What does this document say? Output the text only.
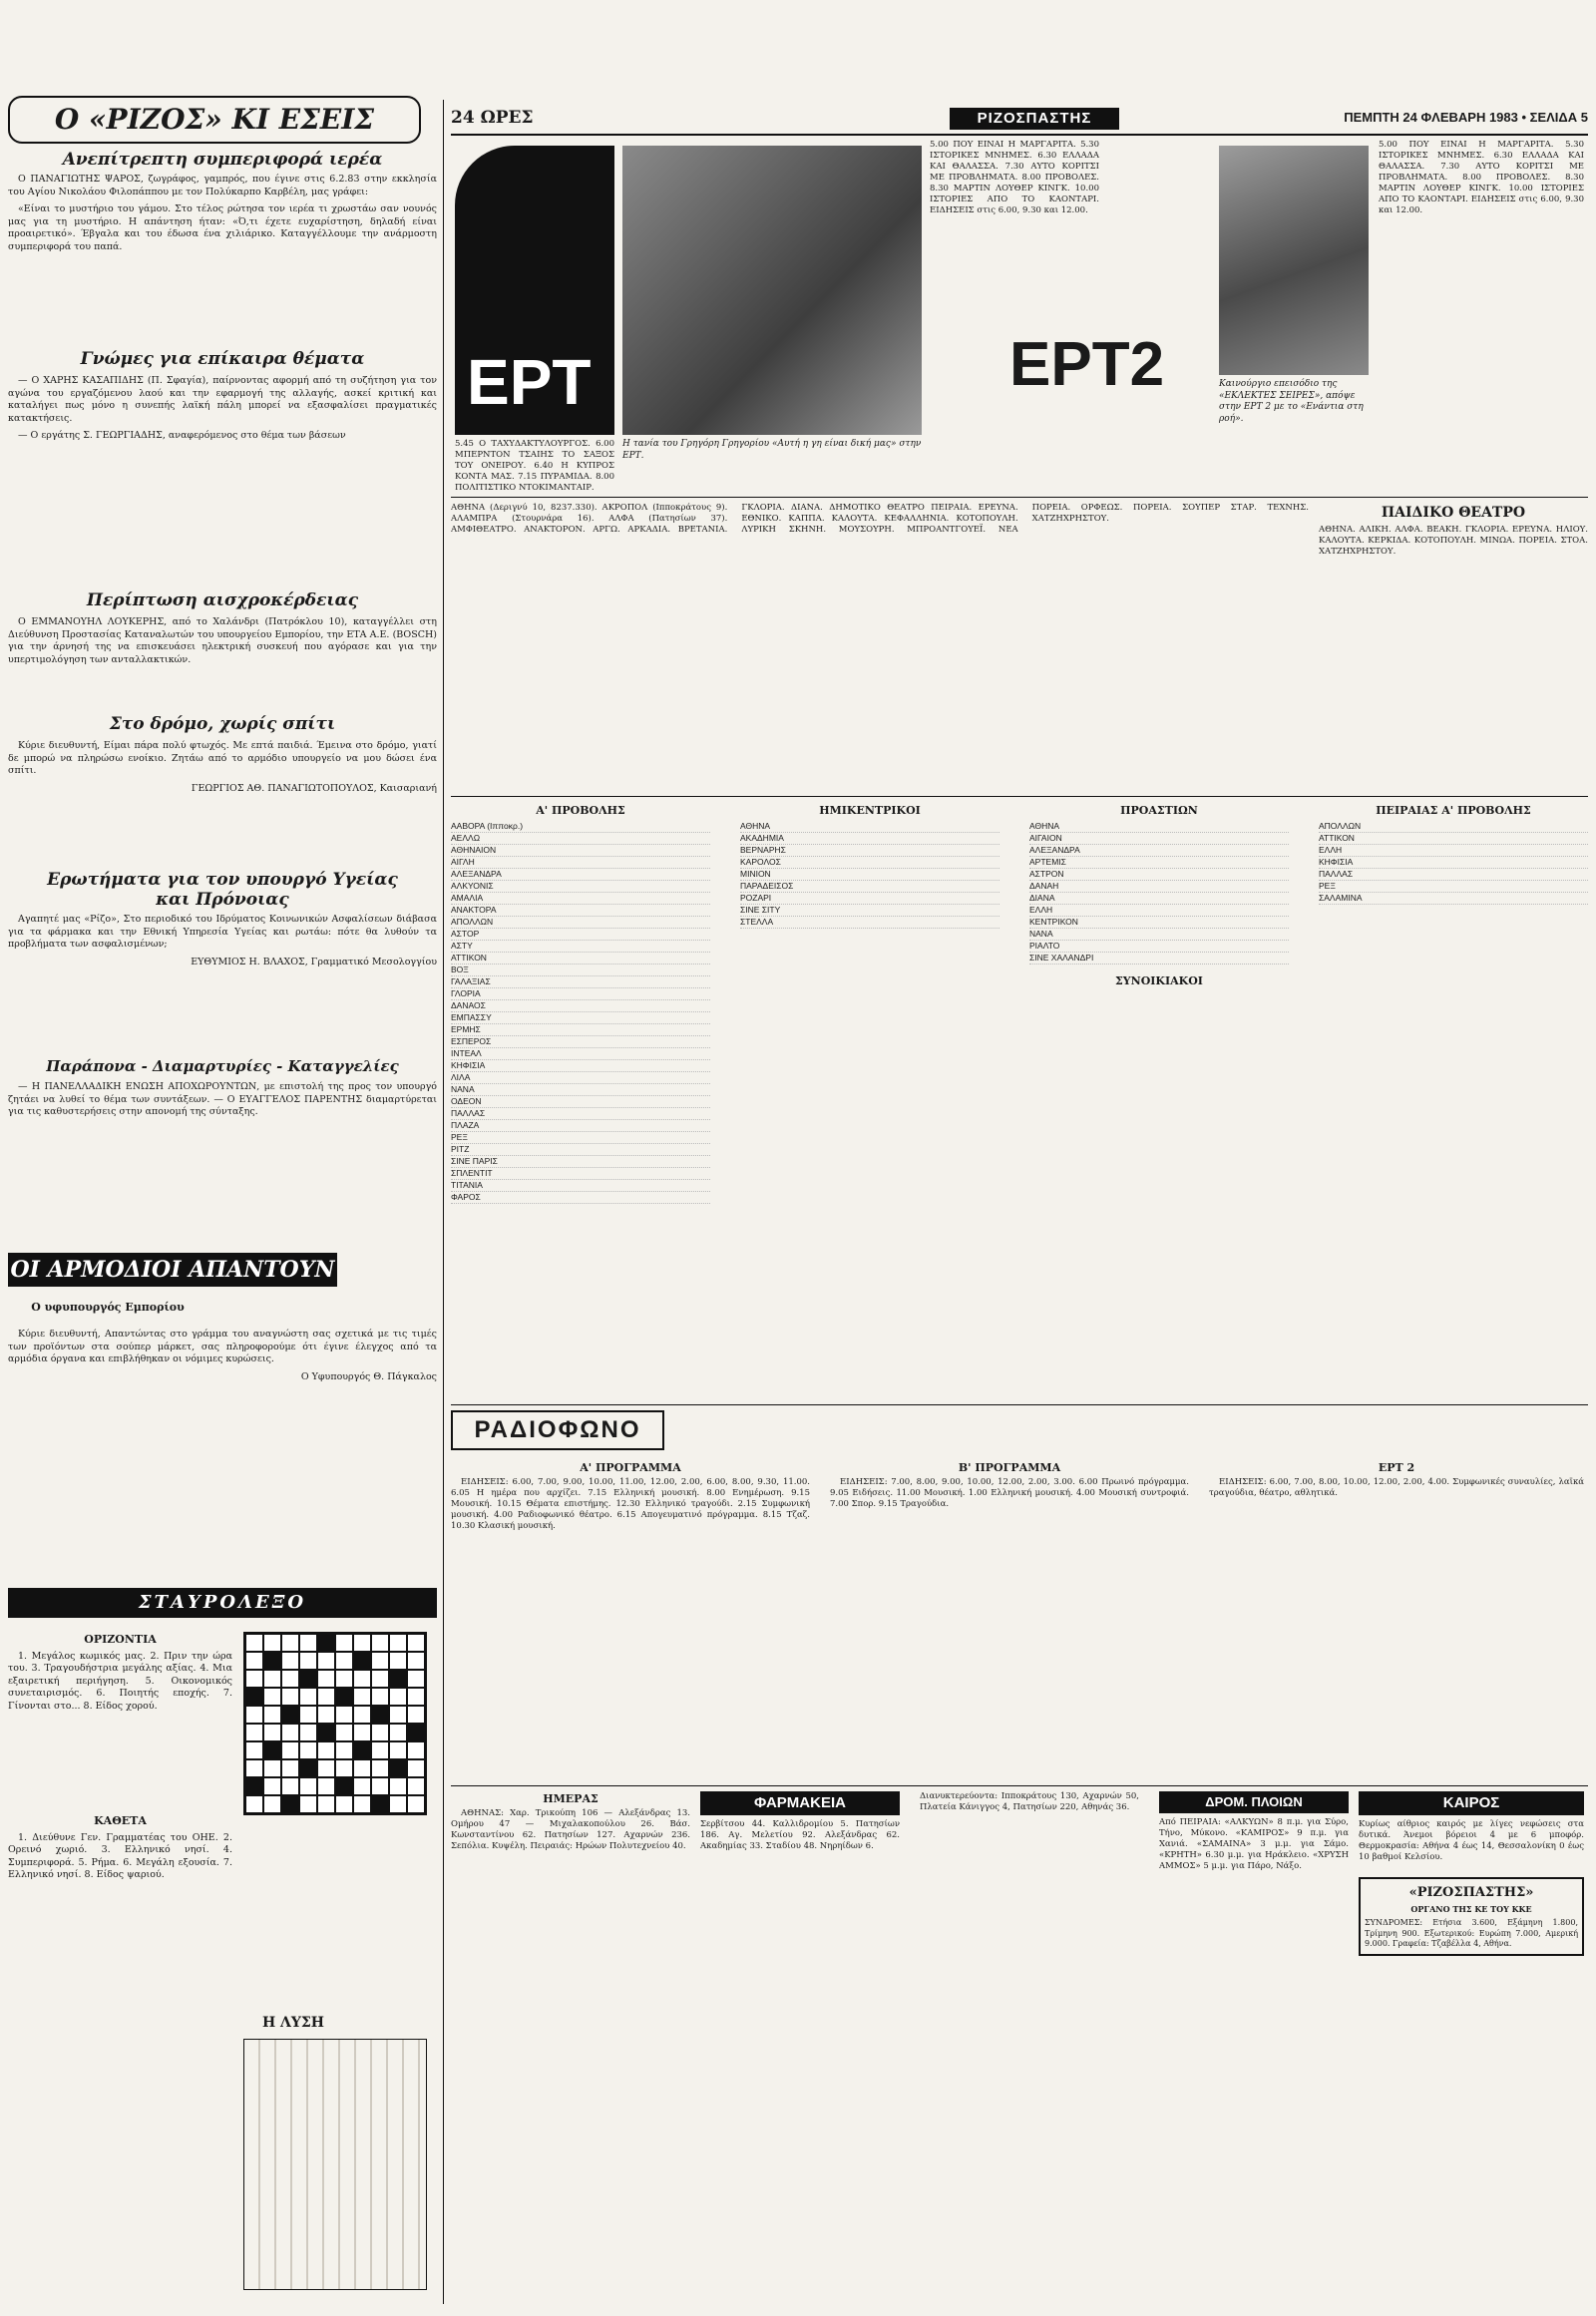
Ο «ΡΙΖΟΣ» ΚΙ ΕΣΕΙΣ
Ανεπίτρεπτη συμπεριφορά ιερέα

Ο ΠΑΝΑΓΙΩΤΗΣ ΨΑΡΟΣ, ζωγράφος, γαμπρός, που έγινε στις 6.2.83 στην εκκλησία του Αγίου Νικολάου Φιλοπάππου με τον Πολύκαρπο Καρβέλη, μας γράφει:

«Είναι το μυστήριο του γάμου. Στο τέλος ρώτησα τον ιερέα τι χρωστάω σαν νουνός μας για τη μυστήριο. Η απάντηση ήταν: «Ό,τι έχετε ευχαρίστηση, δηλαδή είναι προαιρετικό». Έβγαλα και του έδωσα ένα χιλιάρικο. Καταγγέλλουμε την ανάρμοστη συμπεριφορά του παπά.

Γνώμες για επίκαιρα θέματα

— Ο ΧΑΡΗΣ ΚΑΣΑΠΙΔΗΣ (Π. Σφαγία), παίρνοντας αφορμή από τη συζήτηση για τον αγώνα του εργαζόμενου λαού και την εφαρμογή της αλλαγής, ασκεί κριτική και καταλήγει πως μόνο η συνεπής λαϊκή πάλη μπορεί να εξασφαλίσει πραγματικές κατακτήσεις.

— Ο εργάτης Σ. ΓΕΩΡΓΙΑΔΗΣ, αναφερόμενος στο θέμα των βάσεων

Περίπτωση αισχροκέρδειας

Ο ΕΜΜΑΝΟΥΗΛ ΛΟΥΚΕΡΗΣ, από το Χαλάνδρι (Πατρόκλου 10), καταγγέλλει στη Διεύθυνση Προστασίας Καταναλωτών του υπουργείου Εμπορίου, την ΕΤΑ Α.Ε. (BOSCH) για την άρνησή της να επισκευάσει ηλεκτρική συσκευή που αγόρασε και για την υπερτιμολόγηση των ανταλλακτικών.

Στο δρόμο, χωρίς σπίτι

Κύριε διευθυντή, Είμαι πάρα πολύ φτωχός. Με επτά παιδιά. Έμεινα στο δρόμο, γιατί δε μπορώ να πληρώσω ενοίκιο. Ζητάω από το αρμόδιο υπουργείο να μου δώσει ένα σπίτι.

ΓΕΩΡΓΙΟΣ ΑΘ. ΠΑΝΑΓΙΩΤΟΠΟΥΛΟΣ, Καισαριανή

Ερωτήματα για τον υπουργό Υγείας και Πρόνοιας

Αγαπητέ μας «Ρίζο», Στο περιοδικό του Ιδρύματος Κοινωνικών Ασφαλίσεων διάβασα για τα φάρμακα και την Εθνική Υπηρεσία Υγείας και ρωτάω: πότε θα λυθούν τα προβλήματα των ασφαλισμένων;

ΕΥΘΥΜΙΟΣ Η. ΒΛΑΧΟΣ, Γραμματικό Μεσολογγίου

Παράπονα - Διαμαρτυρίες - Καταγγελίες

— Η ΠΑΝΕΛΛΑΔΙΚΗ ΕΝΩΣΗ ΑΠΟΧΩΡΟΥΝΤΩΝ, με επιστολή της προς τον υπουργό ζητάει να λυθεί το θέμα των συντάξεων. — Ο ΕΥΑΓΓΕΛΟΣ ΠΑΡΕΝΤΗΣ διαμαρτύρεται για τις καθυστερήσεις στην απονομή της σύνταξης.

ΟΙ ΑΡΜΟΔΙΟΙ ΑΠΑΝΤΟΥΝ
Ο υφυπουργός Εμπορίου

Κύριε διευθυντή, Απαντώντας στο γράμμα του αναγνώστη σας σχετικά με τις τιμές των προϊόντων στα σούπερ μάρκετ, σας πληροφορούμε ότι έγινε έλεγχος από τα αρμόδια όργανα και επιβλήθηκαν οι νόμιμες κυρώσεις.

Ο Υφυπουργός Θ. Πάγκαλος

ΣΤΑΥΡΟΛΕΞΟ
ΟΡΙΖΟΝΤΙΑ

1. Μεγάλος κωμικός μας. 2. Πριν την ώρα του. 3. Τραγουδήστρια μεγάλης αξίας. 4. Μια εξαιρετική περιήγηση. 5. Οικονομικός συνεταιρισμός. 6. Ποιητής εποχής. 7. Γίνονται στο... 8. Είδος χορού.

ΚΑΘΕΤΑ

1. Διεύθυνε Γεν. Γραμματέας του ΟΗΕ. 2. Ορεινό χωριό. 3. Ελληνικό νησί. 4. Συμπεριφορά. 5. Ρήμα. 6. Μεγάλη εξουσία. 7. Ελληνικό νησί. 8. Είδος ψαριού.

Η ΛΥΣΗ
24 ΩΡΕΣ	ΡΙΖΟΣΠΑΣΤΗΣ	ΠΕΜΠΤΗ 24 ΦΛΕΒΑΡΗ 1983 • ΣΕΛΙΔΑ 5
ΕΡΤ
Η τανία του Γρηγόρη Γρηγορίου «Αυτή η γη είναι δική μας» στην ΕΡΤ.
5.45 Ο ΤΑΧΥΔΑΚΤΥΛΟΥΡΓΟΣ. 6.00 ΜΠΕΡΝΤΟΝ ΤΣΑΙΗΣ ΤΟ ΣΑΞΟΣ ΤΟΥ ΟΝΕΙΡΟΥ. 6.40 Η ΚΥΠΡΟΣ ΚΟΝΤΑ ΜΑΣ. 7.15 ΠΥΡΑΜΙΔΑ. 8.00 ΠΟΛΙΤΙΣΤΙΚΟ ΝΤΟΚΙΜΑΝΤΑΙΡ.
5.00 ΠΟΥ ΕΙΝΑΙ Η ΜΑΡΓΑΡΙΤΑ. 5.30 ΙΣΤΟΡΙΚΕΣ ΜΝΗΜΕΣ. 6.30 ΕΛΛΑΔΑ ΚΑΙ ΘΑΛΑΣΣΑ. 7.30 ΑΥΤΟ ΚΟΡΙΤΣΙ ΜΕ ΠΡΟΒΛΗΜΑΤΑ. 8.00 ΠΡΟΒΟΛΕΣ. 8.30 ΜΑΡΤΙΝ ΛΟΥΘΕΡ ΚΙΝΓΚ. 10.00 ΙΣΤΟΡΙΕΣ ΑΠΟ ΤΟ ΚΑΟΝΤΑΡΙ. ΕΙΔΗΣΕΙΣ στις 6.00, 9.30 και 12.00.
ΕΡΤ2	Καινούργιο επεισόδιο της «ΕΚΛΕΚΤΕΣ ΣΕΙΡΕΣ», απόψε στην ΕΡΤ 2 με το «Ενάντια στη ροή».
5.00 ΠΟΥ ΕΙΝΑΙ Η ΜΑΡΓΑΡΙΤΑ. 5.30 ΙΣΤΟΡΙΚΕΣ ΜΝΗΜΕΣ. 6.30 ΕΛΛΑΔΑ ΚΑΙ ΘΑΛΑΣΣΑ. 7.30 ΑΥΤΟ ΚΟΡΙΤΣΙ ΜΕ ΠΡΟΒΛΗΜΑΤΑ. 8.00 ΠΡΟΒΟΛΕΣ. 8.30 ΜΑΡΤΙΝ ΛΟΥΘΕΡ ΚΙΝΓΚ. 10.00 ΙΣΤΟΡΙΕΣ ΑΠΟ ΤΟ ΚΑΟΝΤΑΡΙ. ΕΙΔΗΣΕΙΣ στις 6.00, 9.30 και 12.00.
ΑΘΗΝΑ (Δεριγνύ 10, 8237.330). ΑΚΡΟΠΟΛ (Ιπποκράτους 9). ΑΛΑΜΠΡΑ (Στουρνάρα 16). ΑΛΦΑ (Πατησίων 37). ΑΜΦΙΘΕΑΤΡΟ. ΑΝΑΚΤΟΡΟΝ. ΑΡΓΩ. ΑΡΚΑΔΙΑ. ΒΡΕΤΑΝΙΑ. ΓΚΛΟΡΙΑ. ΔΙΑΝΑ. ΔΗΜΟΤΙΚΟ ΘΕΑΤΡΟ ΠΕΙΡΑΙΑ. ΕΡΕΥΝΑ. ΕΘΝΙΚΟ. ΚΑΠΠΑ. ΚΑΛΟΥΤΑ. ΚΕΦΑΛΛΗΝΙΑ. ΚΟΤΟΠΟΥΛΗ. ΛΥΡΙΚΗ ΣΚΗΝΗ. ΜΟΥΣΟΥΡΗ. ΜΠΡΟΑΝΤΓΟΥΕΪ. ΝΕΑ ΠΟΡΕΙΑ. ΟΡΦΕΩΣ. ΠΟΡΕΙΑ. ΣΟΥΠΕΡ ΣΤΑΡ. ΤΕΧΝΗΣ. ΧΑΤΖΗΧΡΗΣΤΟΥ.	ΠΑΙΔΙΚΟ ΘΕΑΤΡΟ
ΑΘΗΝΑ. ΑΛΙΚΗ. ΑΛΦΑ. ΒΕΑΚΗ. ΓΚΛΟΡΙΑ. ΕΡΕΥΝΑ. ΗΛΙΟΥ. ΚΑΛΟΥΤΑ. ΚΕΡΚΙΔΑ. ΚΟΤΟΠΟΥΛΗ. ΜΙΝΩΑ. ΠΟΡΕΙΑ. ΣΤΟΑ. ΧΑΤΖΗΧΡΗΣΤΟΥ.
Α' ΠΡΟΒΟΛΗΣ
ΑΑΒΟΡΑ (Ιπποκρ.)
ΑΕΛΛΩ
ΑΘΗΝΑΙΟΝ
ΑΙΓΛΗ
ΑΛΕΞΑΝΔΡΑ
ΑΛΚΥΟΝΙΣ
ΑΜΑΛΙΑ
ΑΝΑΚΤΟΡΑ
ΑΠΟΛΛΩΝ
ΑΣΤΟΡ
ΑΣΤΥ
ΑΤΤΙΚΟΝ
ΒΟΞ
ΓΑΛΑΞΙΑΣ
ΓΛΟΡΙΑ
ΔΑΝΑΟΣ
ΕΜΠΑΣΣΥ
ΕΡΜΗΣ
ΕΣΠΕΡΟΣ
ΙΝΤΕΑΛ
ΚΗΦΙΣΙΑ
ΛΙΛΑ
ΝΑΝΑ
ΟΔΕΟΝ
ΠΑΛΛΑΣ
ΠΛΑΖΑ
ΡΕΞ
ΡΙΤΖ
ΣΙΝΕ ΠΑΡΙΣ
ΣΠΛΕΝΤΙΤ
ΤΙΤΑΝΙΑ
ΦΑΡΟΣ
ΗΜΙΚΕΝΤΡΙΚΟΙ
ΑΘΗΝΑ
ΑΚΑΔΗΜΙΑ
ΒΕΡΝΑΡΗΣ
ΚΑΡΟΛΟΣ
ΜΙΝΙΟΝ
ΠΑΡΑΔΕΙΣΟΣ
ΡΟΖΑΡΙ
ΣΙΝΕ ΣΙΤΥ
ΣΤΕΛΛΑ
ΠΡΟΑΣΤΙΩΝ
ΑΘΗΝΑ
ΑΙΓΑΙΟΝ
ΑΛΕΞΑΝΔΡΑ
ΑΡΤΕΜΙΣ
ΑΣΤΡΟΝ
ΔΑΝΑΗ
ΔΙΑΝΑ
ΕΛΛΗ
ΚΕΝΤΡΙΚΟΝ
ΝΑΝΑ
ΡΙΑΛΤΟ
ΣΙΝΕ ΧΑΛΑΝΔΡΙ
ΣΥΝΟΙΚΙΑΚΟΙ
ΠΕΙΡΑΙΑΣ Α' ΠΡΟΒΟΛΗΣ
ΑΠΟΛΛΩΝ
ΑΤΤΙΚΟΝ
ΕΛΛΗ
ΚΗΦΙΣΙΑ
ΠΑΛΛΑΣ
ΡΕΞ
ΣΑΛΑΜΙΝΑ
ΡΑΔΙΟΦΩΝΟ
Α' ΠΡΟΓΡΑΜΜΑ

ΕΙΔΗΣΕΙΣ: 6.00, 7.00, 9.00, 10.00, 11.00, 12.00, 2.00, 6.00, 8.00, 9.30, 11.00. 6.05 Η ημέρα που αρχίζει. 7.15 Ελληνική μουσική. 8.00 Ενημέρωση. 9.15 Μουσική. 10.15 Θέματα επιστήμης. 12.30 Ελληνικό τραγούδι. 2.15 Συμφωνική μουσική. 4.00 Ραδιοφωνικό θέατρο. 6.15 Απογευματινό πρόγραμμα. 8.15 Τζαζ. 10.30 Κλασική μουσική.

Β' ΠΡΟΓΡΑΜΜΑ

ΕΙΔΗΣΕΙΣ: 7.00, 8.00, 9.00, 10.00, 12.00, 2.00, 3.00. 6.00 Πρωινό πρόγραμμα. 9.05 Ειδήσεις. 11.00 Μουσική. 1.00 Ελληνική μουσική. 4.00 Μουσική συντροφιά. 7.00 Σπορ. 9.15 Τραγούδια.

ΕΡΤ 2

ΕΙΔΗΣΕΙΣ: 6.00, 7.00, 8.00, 10.00, 12.00, 2.00, 4.00. Συμφωνικές συναυλίες, λαϊκά τραγούδια, θέατρο, αθλητικά.

ΗΜΕΡΑΣ

ΑΘΗΝΑΣ: Χαρ. Τρικούπη 106 — Αλεξάνδρας 13. Ομήρου 47 — Μιχαλακοπούλου 26. Βάσ. Κωνσταντίνου 62. Πατησίων 127. Αχαρνών 236. Σεπόλια. Κυψέλη. Πειραιάς: Ηρώων Πολυτεχνείου 40.

ΦΑΡΜΑΚΕΙΑ
Σερβίτσου 44. Καλλιδρομίου 5. Πατησίων 186. Αγ. Μελετίου 92. Αλεξάνδρας 62. Ακαδημίας 33. Σταδίου 48. Νηρηίδων 6.
Διανυκτερεύοντα: Ιπποκράτους 130, Αχαρνών 50, Πλατεία Κάνιγγος 4, Πατησίων 220, Αθηνάς 36.	ΔΡΟΜ. ΠΛΟΙΩΝ
Από ΠΕΙΡΑΙΑ: «ΑΛΚΥΩΝ» 8 π.μ. για Σύρο, Τήνο, Μύκονο. «ΚΑΜΙΡΟΣ» 9 π.μ. για Χανιά. «ΣΑΜΑΙΝΑ» 3 μ.μ. για Σάμο. «ΚΡΗΤΗ» 6.30 μ.μ. για Ηράκλειο. «ΧΡΥΣΗ ΑΜΜΟΣ» 5 μ.μ. για Πάρο, Νάξο.
ΚΑΙΡΟΣ
Κυρίως αίθριος καιρός με λίγες νεφώσεις στα δυτικά. Άνεμοι βόρειοι 4 με 6 μποφόρ. Θερμοκρασία: Αθήνα 4 έως 14, Θεσσαλονίκη 0 έως 10 βαθμοί Κελσίου.
«ΡΙΖΟΣΠΑΣΤΗΣ»
ΟΡΓΑΝΟ ΤΗΣ ΚΕ ΤΟΥ ΚΚΕ
ΣΥΝΔΡΟΜΕΣ: Ετήσια 3.600, Εξάμηνη 1.800, Τρίμηνη 900. Εξωτερικού: Ευρώπη 7.000, Αμερική 9.000. Γραφεία: Τζαβέλλα 4, Αθήνα.
